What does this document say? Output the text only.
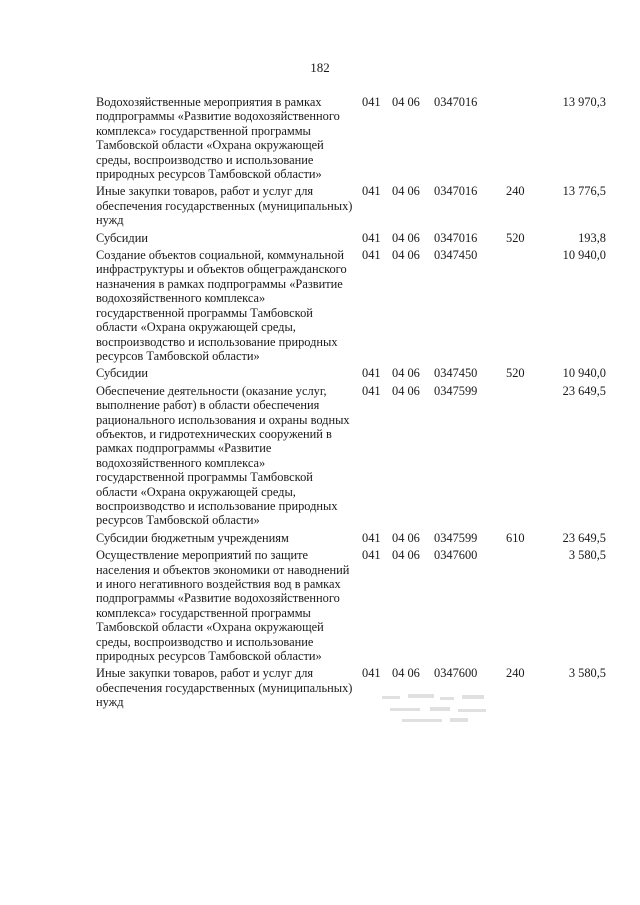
182
Водохозяйственные мероприятия в рамках подпрограммы «Развитие водохозяйственного комплекса» государственной программы Тамбовской области «Охрана окружающей среды, воспроизводство и использование природных ресурсов Тамбовской области»	041	04 06	0347016		13 970,3
Иные закупки товаров, работ и услуг для обеспечения государственных (муниципальных) нужд	041	04 06	0347016	240	13 776,5
Субсидии	041	04 06	0347016	520	193,8
Создание объектов социальной, коммунальной инфраструктуры и объектов общегражданского назначения в рамках подпрограммы «Развитие водохозяйственного комплекса» государственной программы Тамбовской области «Охрана окружающей среды, воспроизводство и использование природных ресурсов Тамбовской области»	041	04 06	0347450		10 940,0
Субсидии	041	04 06	0347450	520	10 940,0
Обеспечение деятельности (оказание услуг, выполнение работ) в области обеспечения рационального использования и охраны водных объектов, и гидротехнических сооружений в рамках подпрограммы «Развитие водохозяйственного комплекса» государственной программы Тамбовской области «Охрана окружающей среды, воспроизводство и использование природных ресурсов Тамбовской области»	041	04 06	0347599		23 649,5
Субсидии бюджетным учреждениям	041	04 06	0347599	610	23 649,5
Осуществление мероприятий по защите населения и объектов экономики от наводнений и иного негативного воздействия вод в рамках подпрограммы «Развитие водохозяйственного комплекса» государственной программы Тамбовской области «Охрана окружающей среды, воспроизводство и использование природных ресурсов Тамбовской области»	041	04 06	0347600		3 580,5
Иные закупки товаров, работ и услуг для обеспечения государственных (муниципальных) нужд	041	04 06	0347600	240	3 580,5
